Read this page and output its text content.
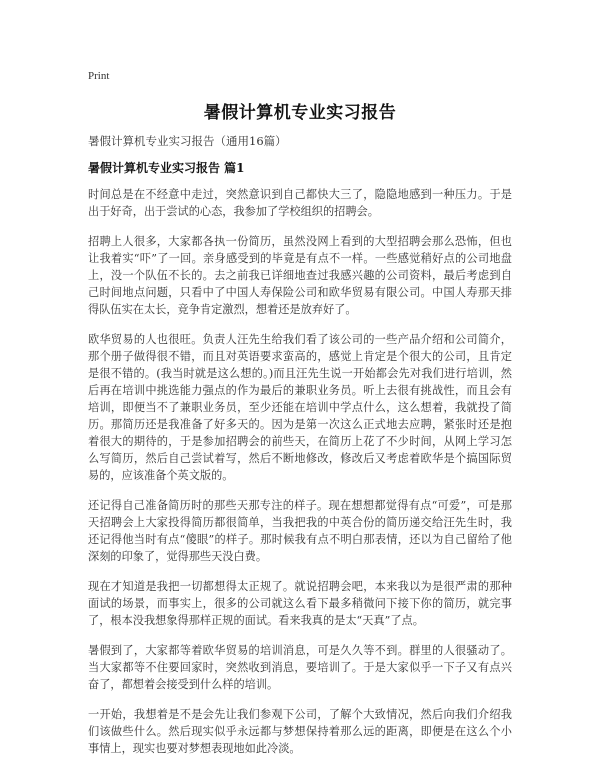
Print
暑假计算机专业实习报告
暑假计算机专业实习报告（通用16篇）
暑假计算机专业实习报告 篇1

时间总是在不经意中走过，突然意识到自己都快大三了，隐隐地感到一种压力。于是出于好奇，出于尝试的心态，我参加了学校组织的招聘会。

招聘上人很多，大家都各执一份简历，虽然没网上看到的大型招聘会那么恐怖，但也让我着实“吓”了一回。亲身感受到的毕竟是有点不一样。一些感觉稍好点的公司地盘上，没一个队伍不长的。去之前我已详细地查过我感兴趣的公司资料，最后考虑到自己时间地点问题，只看中了中国人寿保险公司和欧华贸易有限公司。中国人寿那天排得队伍实在太长，竞争肯定激烈，想着还是放弃好了。

欧华贸易的人也很旺。负责人汪先生给我们看了该公司的一些产品介绍和公司简介，那个册子做得很不错，而且对英语要求蛮高的，感觉上肯定是个很大的公司，且肯定是很不错的。(我当时就是这么想的。)而且汪先生说一开始都会先对我们进行培训，然后再在培训中挑选能力强点的作为最后的兼职业务员。听上去很有挑战性，而且会有培训，即便当不了兼职业务员，至少还能在培训中学点什么，这么想着，我就投了简历。那简历还是我准备了好多天的。因为是第一次这么正式地去应聘，紧张时还是抱着很大的期待的，于是参加招聘会的前些天，在简历上花了不少时间，从网上学习怎么写简历，然后自己尝试着写，然后不断地修改，修改后又考虑着欧华是个搞国际贸易的，应该准备个英文版的。

还记得自己准备简历时的那些天那专注的样子。现在想想都觉得有点“可爱”，可是那天招聘会上大家投得简历都很简单，当我把我的中英合份的简历递交给汪先生时，我还记得他当时有点“傻眼”的样子。那时候我有点不明白那表情，还以为自己留给了他深刻的印象了，觉得那些天没白费。

现在才知道是我把一切都想得太正规了。就说招聘会吧，本来我以为是很严肃的那种面试的场景，而事实上，很多的公司就这么看下最多稍微问下接下你的简历，就完事了，根本没我想象得那样正规的面试。看来我真的是太“天真”了点。

暑假到了，大家都等着欧华贸易的培训消息，可是久久等不到。群里的人很骚动了。当大家都等不住要回家时，突然收到消息，要培训了。于是大家似乎一下子又有点兴奋了，都想着会接受到什么样的培训。

一开始，我想着是不是会先让我们参观下公司，了解个大致情况，然后向我们介绍我们该做些什么。然后现实似乎永远都与梦想保持着那么远的距离，即便是在这么个小事情上，现实也要对梦想表现地如此冷淡。
